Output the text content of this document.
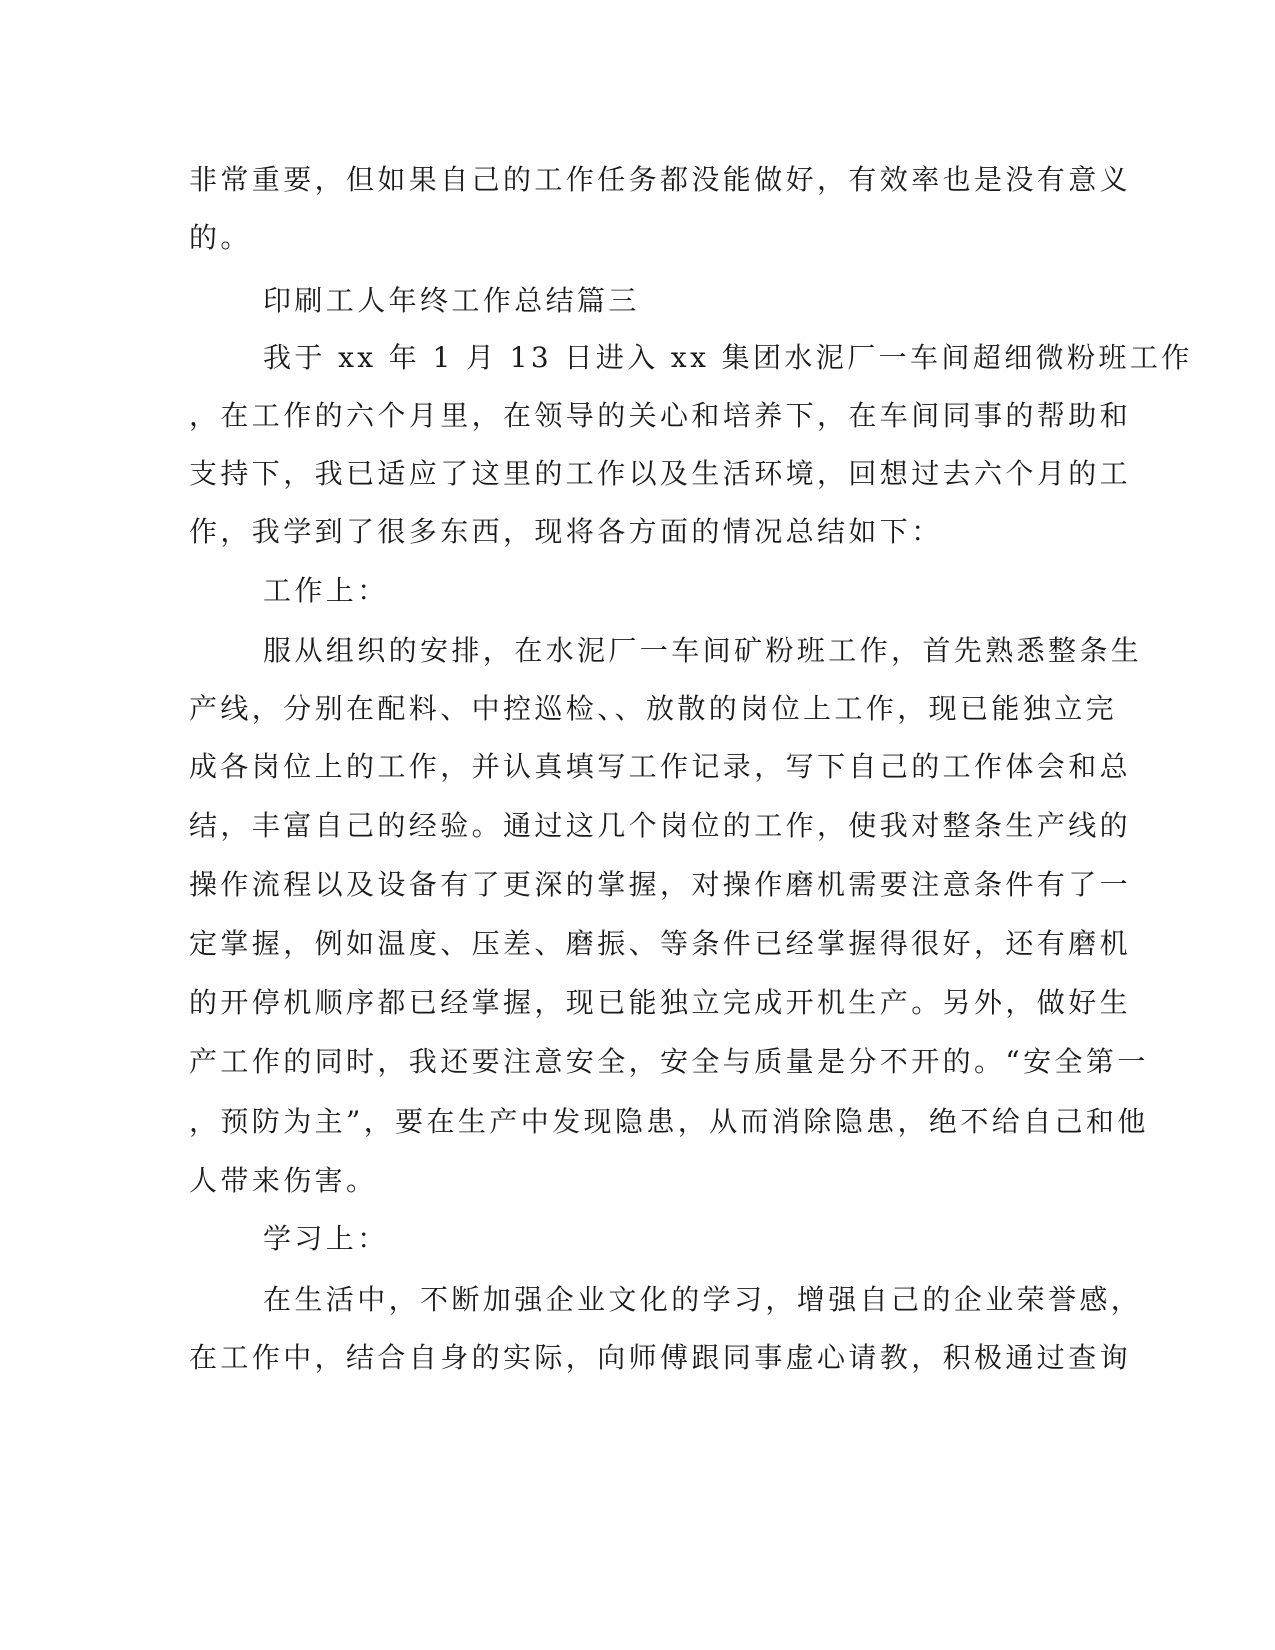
非常重要，但如果自己的工作任务都没能做好，有效率也是没有意义
的。
印刷工人年终工作总结篇三
我于 xx 年 1 月 13 日进入 xx 集团水泥厂一车间超细微粉班工作
，在工作的六个月里，在领导的关心和培养下，在车间同事的帮助和
支持下，我已适应了这里的工作以及生活环境，回想过去六个月的工
作，我学到了很多东西，现将各方面的情况总结如下：
工作上：
服从组织的安排，在水泥厂一车间矿粉班工作，首先熟悉整条生
产线，分别在配料、中控巡检、、放散的岗位上工作，现已能独立完
成各岗位上的工作，并认真填写工作记录，写下自己的工作体会和总
结，丰富自己的经验。通过这几个岗位的工作，使我对整条生产线的
操作流程以及设备有了更深的掌握，对操作磨机需要注意条件有了一
定掌握，例如温度、压差、磨振、等条件已经掌握得很好，还有磨机
的开停机顺序都已经掌握，现已能独立完成开机生产。另外，做好生
产工作的同时，我还要注意安全，安全与质量是分不开的。“安全第一
，预防为主”，要在生产中发现隐患，从而消除隐患，绝不给自己和他
人带来伤害。
学习上：
在生活中，不断加强企业文化的学习，增强自己的企业荣誉感，
在工作中，结合自身的实际，向师傅跟同事虚心请教，积极通过查询
